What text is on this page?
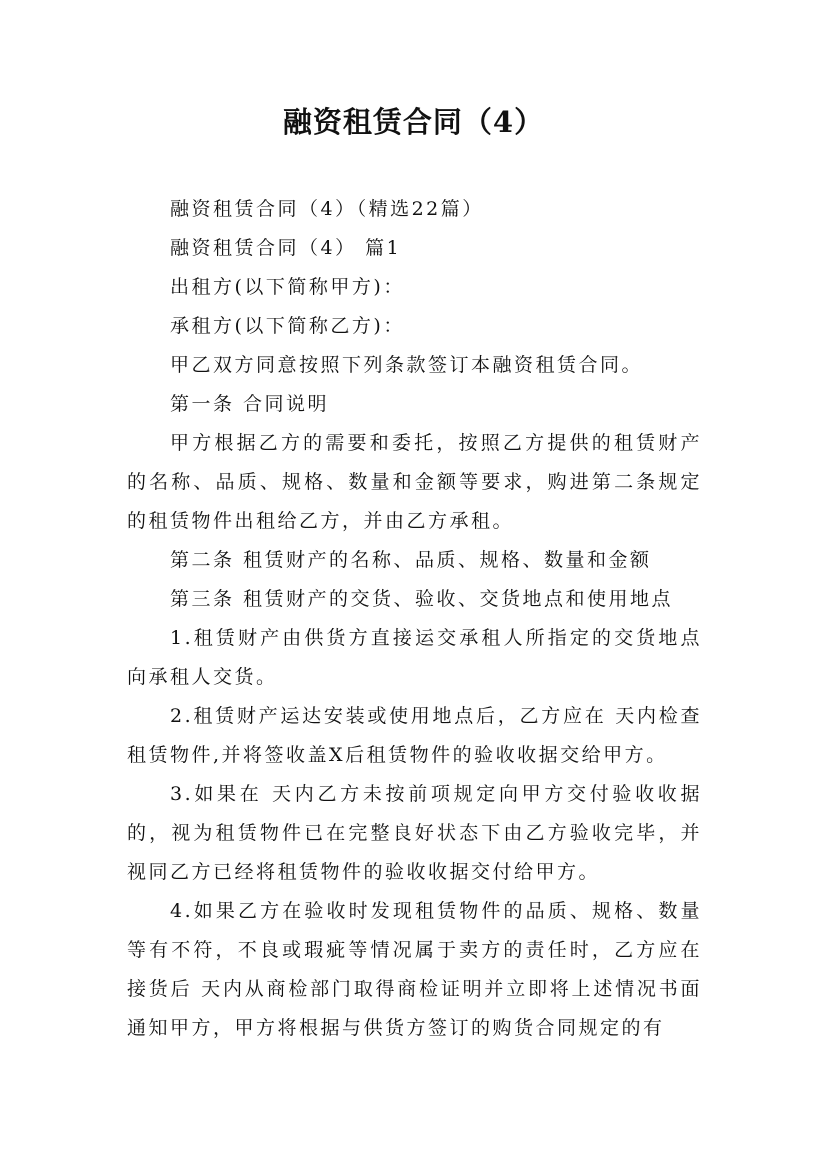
融资租赁合同（4）

融资租赁合同（4）（精选22篇）

融资租赁合同（4） 篇1

出租方(以下简称甲方)：

承租方(以下简称乙方)：

甲乙双方同意按照下列条款签订本融资租赁合同。

第一条 合同说明

甲方根据乙方的需要和委托，按照乙方提供的租赁财产的名称、品质、规格、数量和金额等要求，购进第二条规定的租赁物件出租给乙方，并由乙方承租。

第二条 租赁财产的名称、品质、规格、数量和金额

第三条 租赁财产的交货、验收、交货地点和使用地点

1.租赁财产由供货方直接运交承租人所指定的交货地点向承租人交货。

2.租赁财产运达安装或使用地点后，乙方应在 天内检查租赁物件,并将签收盖X后租赁物件的验收收据交给甲方。

3.如果在 天内乙方未按前项规定向甲方交付验收收据的，视为租赁物件已在完整良好状态下由乙方验收完毕，并视同乙方已经将租赁物件的验收收据交付给甲方。

4.如果乙方在验收时发现租赁物件的品质、规格、数量等有不符，不良或瑕疵等情况属于卖方的责任时，乙方应在接货后 天内从商检部门取得商检证明并立即将上述情况书面通知甲方，甲方将根据与供货方签订的购货合同规定的有
